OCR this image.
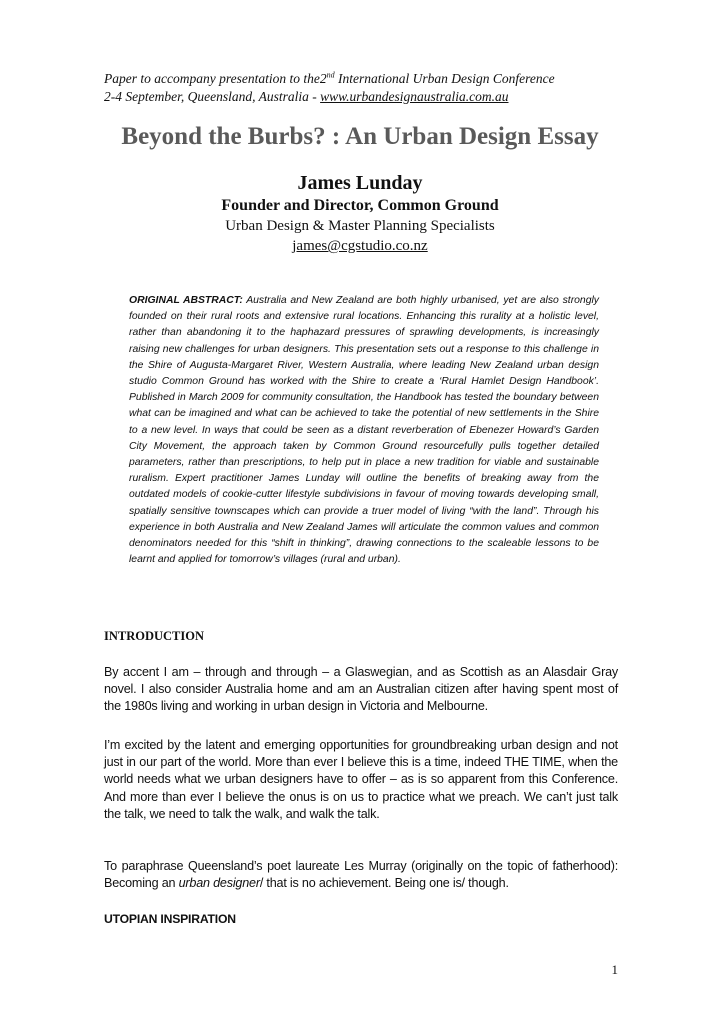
Paper to accompany presentation to the2nd International Urban Design Conference
2-4 September, Queensland, Australia - www.urbandesignaustralia.com.au
Beyond the Burbs? : An Urban Design Essay
James Lunday
Founder and Director, Common Ground
Urban Design & Master Planning Specialists
james@cgstudio.co.nz
ORIGINAL ABSTRACT: Australia and New Zealand are both highly urbanised, yet are also strongly founded on their rural roots and extensive rural locations. Enhancing this rurality at a holistic level, rather than abandoning it to the haphazard pressures of sprawling developments, is increasingly raising new challenges for urban designers. This presentation sets out a response to this challenge in the Shire of Augusta-Margaret River, Western Australia, where leading New Zealand urban design studio Common Ground has worked with the Shire to create a ‘Rural Hamlet Design Handbook’. Published in March 2009 for community consultation, the Handbook has tested the boundary between what can be imagined and what can be achieved to take the potential of new settlements in the Shire to a new level. In ways that could be seen as a distant reverberation of Ebenezer Howard’s Garden City Movement, the approach taken by Common Ground resourcefully pulls together detailed parameters, rather than prescriptions, to help put in place a new tradition for viable and sustainable ruralism. Expert practitioner James Lunday will outline the benefits of breaking away from the outdated models of cookie-cutter lifestyle subdivisions in favour of moving towards developing small, spatially sensitive townscapes which can provide a truer model of living “with the land”. Through his experience in both Australia and New Zealand James will articulate the common values and common denominators needed for this “shift in thinking”, drawing connections to the scaleable lessons to be learnt and applied for tomorrow’s villages (rural and urban).
INTRODUCTION
By accent I am – through and through – a Glaswegian, and as Scottish as an Alasdair Gray novel. I also consider Australia home and am an Australian citizen after having spent most of the 1980s living and working in urban design in Victoria and Melbourne.
I’m excited by the latent and emerging opportunities for groundbreaking urban design and not just in our part of the world. More than ever I believe this is a time, indeed THE TIME, when the world needs what we urban designers have to offer – as is so apparent from this Conference. And more than ever I believe the onus is on us to practice what we preach. We can’t just talk the talk, we need to talk the walk, and walk the talk.
To paraphrase Queensland’s poet laureate Les Murray (originally on the topic of fatherhood): Becoming an urban designer/ that is no achievement. Being one is/ though.
UTOPIAN INSPIRATION
1
